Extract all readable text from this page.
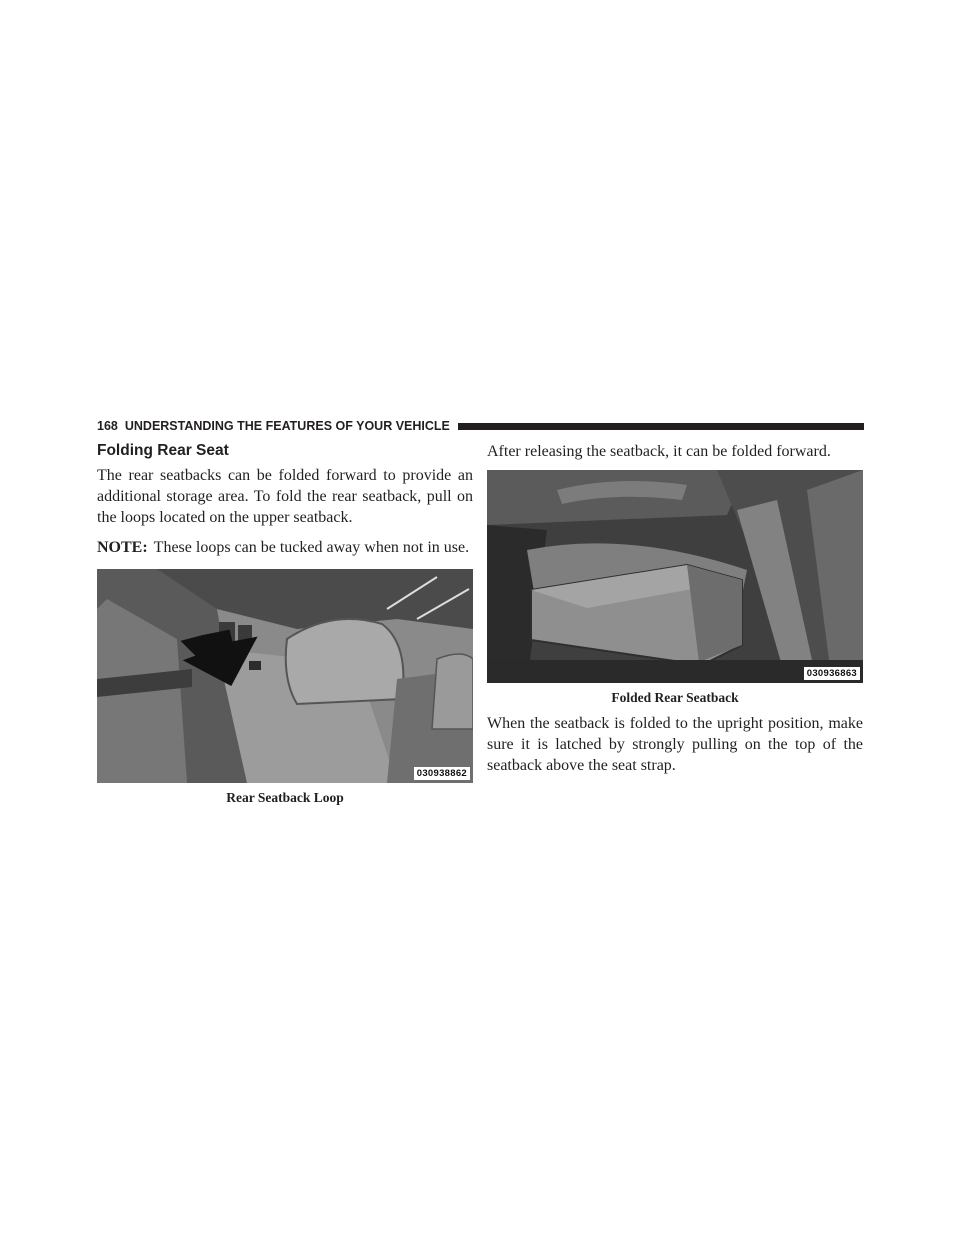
168 UNDERSTANDING THE FEATURES OF YOUR VEHICLE
Folding Rear Seat

The rear seatbacks can be folded forward to provide an additional storage area. To fold the rear seatback, pull on the loops located on the upper seatback.

NOTE: These loops can be tucked away when not in use.

030938862

Rear Seatback Loop

After releasing the seatback, it can be folded forward.

030936863

Folded Rear Seatback

When the seatback is folded to the upright position, make sure it is latched by strongly pulling on the top of the seatback above the seat strap.
